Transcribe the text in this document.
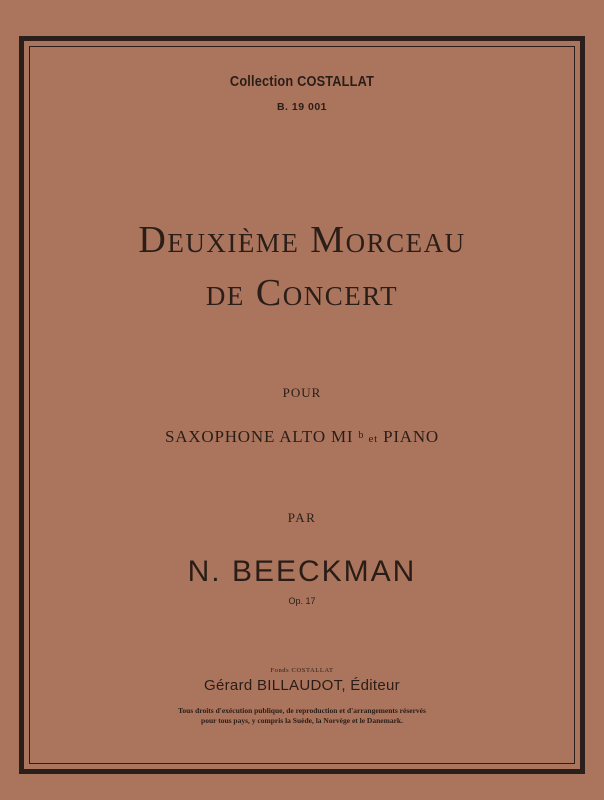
Collection COSTALLAT
B. 19 001
Deuxième Morceau
de Concert
POUR
SAXOPHONE ALTO MI $^b$ et PIANO
PAR
N. BEECKMAN
Op. 17
Fonds COSTALLAT
Gérard BILLAUDOT, Éditeur
Tous droits d'exécution publique, de reproduction et d'arrangements réservés
pour tous pays, y compris la Suède, la Norvège et le Danemark.
